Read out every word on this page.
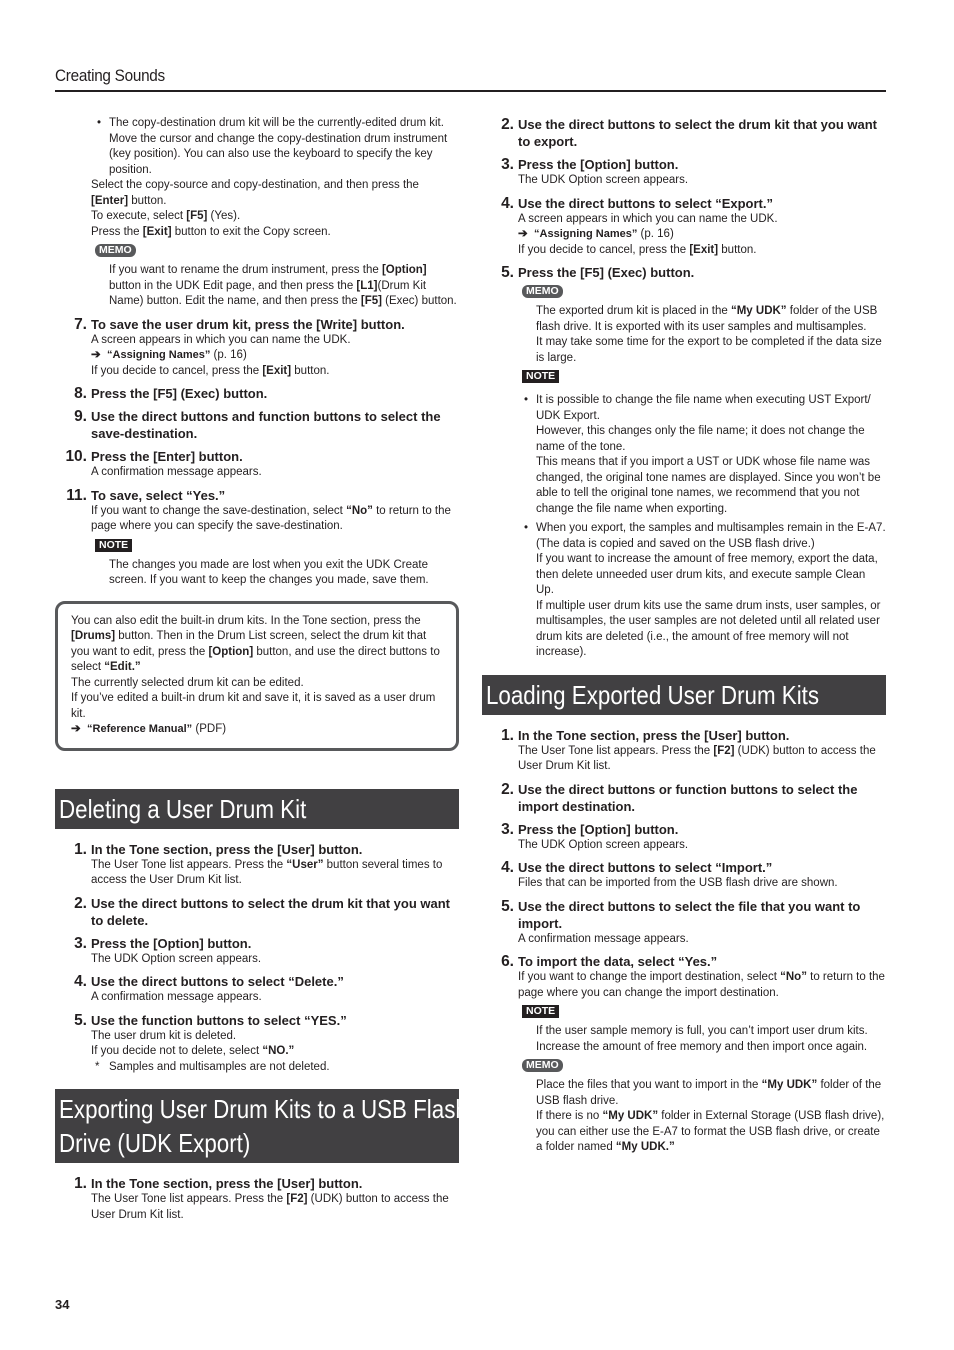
Creating Sounds
• The copy-destination drum kit will be the currently-edited drum kit. Move the cursor and change the copy-destination drum instrument (key position). You can also use the keyboard to specify the key position.
Select the copy-source and copy-destination, and then press the [Enter] button.
To execute, select [F5] (Yes).
Press the [Exit] button to exit the Copy screen.
MEMO
If you want to rename the drum instrument, press the [Option] button in the UDK Edit page, and then press the [L1](Drum Kit Name) button. Edit the name, and then press the [F5] (Exec) button.
7. To save the user drum kit, press the [Write] button.
A screen appears in which you can name the UDK.
➔ “Assigning Names” (p. 16)
If you decide to cancel, press the [Exit] button.
8. Press the [F5] (Exec) button.
9. Use the direct buttons and function buttons to select the save-destination.
10. Press the [Enter] button.
A confirmation message appears.
11. To save, select “Yes.”
If you want to change the save-destination, select “No” to return to the page where you can specify the save-destination.
NOTE
The changes you made are lost when you exit the UDK Create screen. If you want to keep the changes you made, save them.
You can also edit the built-in drum kits. In the Tone section, press the [Drums] button. Then in the Drum List screen, select the drum kit that you want to edit, press the [Option] button, and use the direct buttons to select “Edit.”
The currently selected drum kit can be edited.
If you’ve edited a built-in drum kit and save it, it is saved as a user drum kit.
➔ “Reference Manual” (PDF)
Deleting a User Drum Kit
1. In the Tone section, press the [User] button.
The User Tone list appears. Press the “User” button several times to access the User Drum Kit list.
2. Use the direct buttons to select the drum kit that you want to delete.
3. Press the [Option] button.
The UDK Option screen appears.
4. Use the direct buttons to select “Delete.”
A confirmation message appears.
5. Use the function buttons to select “YES.”
The user drum kit is deleted.
If you decide not to delete, select “NO.”
* Samples and multisamples are not deleted.
Exporting User Drum Kits to a USB Flash
Drive (UDK Export)
1. In the Tone section, press the [User] button.
The User Tone list appears. Press the [F2] (UDK) button to access the User Drum Kit list.
2. Use the direct buttons to select the drum kit that you want to export.
3. Press the [Option] button.
The UDK Option screen appears.
4. Use the direct buttons to select “Export.”
A screen appears in which you can name the UDK.
➔ “Assigning Names” (p. 16)
If you decide to cancel, press the [Exit] button.
5. Press the [F5] (Exec) button.
MEMO
The exported drum kit is placed in the “My UDK” folder of the USB flash drive. It is exported with its user samples and multisamples.
It may take some time for the export to be completed if the data size is large.
NOTE
• It is possible to change the file name when executing UST Export/ UDK Export.
However, this changes only the file name; it does not change the name of the tone.
This means that if you import a UST or UDK whose file name was changed, the original tone names are displayed. Since you won’t be able to tell the original tone names, we recommend that you not change the file name when exporting.
• When you export, the samples and multisamples remain in the E-A7. (The data is copied and saved on the USB flash drive.)
If you want to increase the amount of free memory, export the data, then delete unneeded user drum kits, and execute sample Clean Up.
If multiple user drum kits use the same drum insts, user samples, or multisamples, the user samples are not deleted until all related user drum kits are deleted (i.e., the amount of free memory will not increase).
Loading Exported User Drum Kits
1. In the Tone section, press the [User] button.
The User Tone list appears. Press the [F2] (UDK) button to access the User Drum Kit list.
2. Use the direct buttons or function buttons to select the import destination.
3. Press the [Option] button.
The UDK Option screen appears.
4. Use the direct buttons to select “Import.”
Files that can be imported from the USB flash drive are shown.
5. Use the direct buttons to select the file that you want to import.
A confirmation message appears.
6. To import the data, select “Yes.”
If you want to change the import destination, select “No” to return to the page where you can change the import destination.
NOTE
If the user sample memory is full, you can’t import user drum kits. Increase the amount of free memory and then import once again.
MEMO
Place the files that you want to import in the “My UDK” folder of the USB flash drive.
If there is no “My UDK” folder in External Storage (USB flash drive), you can either use the E-A7 to format the USB flash drive, or create a folder named “My UDK.”
34
